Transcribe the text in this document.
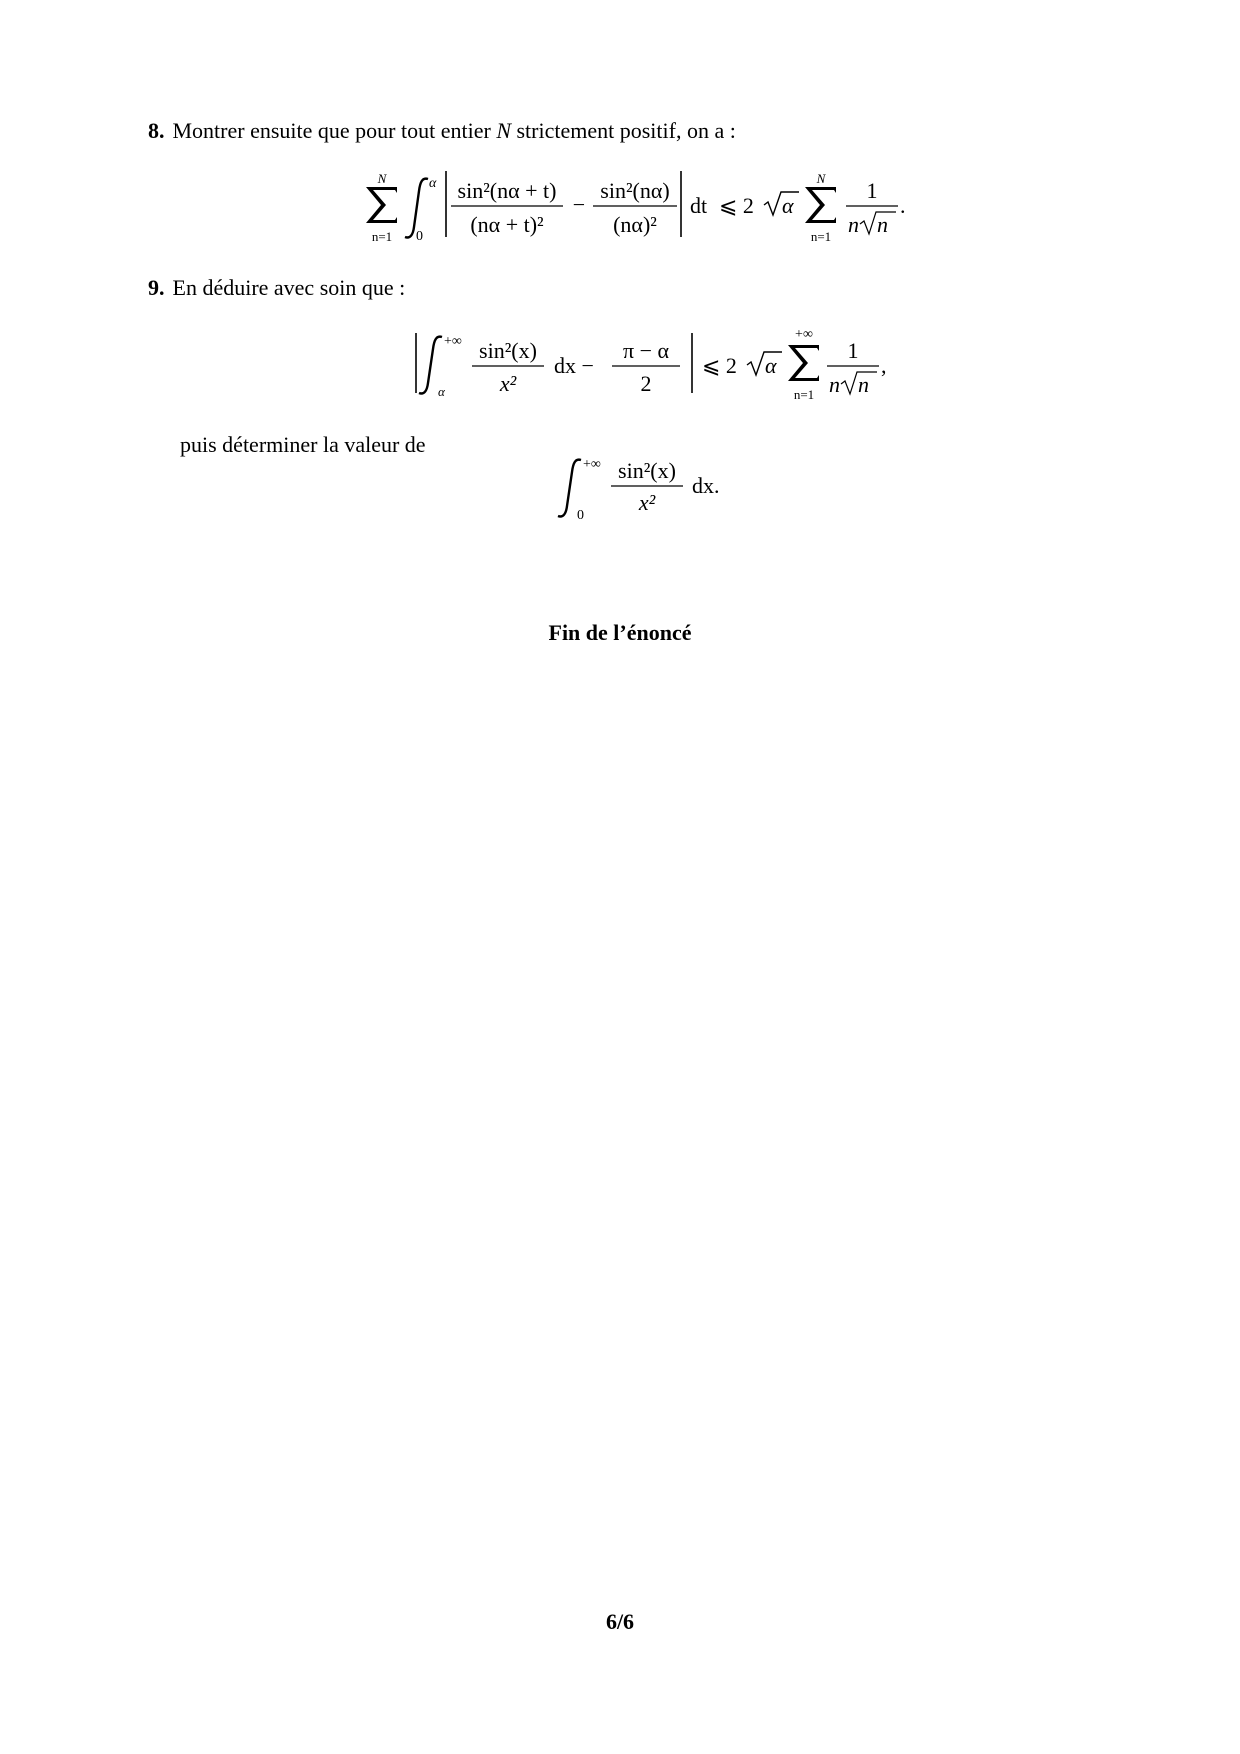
8. Montrer ensuite que pour tout entier N strictement positif, on a :
N
n=1
α
0
sin²(nα + t)
(nα + t)²
−
sin²(nα)
(nα)²
dt ⩽ 2 α
N
n=1
1
n n
.
9. En déduire avec soin que :
+∞
α
sin²(x)
x²
dx −
π − α
2
⩽ 2 α
+∞
n=1
1
n n
,
puis déterminer la valeur de
+∞
0
sin²(x)
x²
dx.
Fin de l’énoncé
6/6
